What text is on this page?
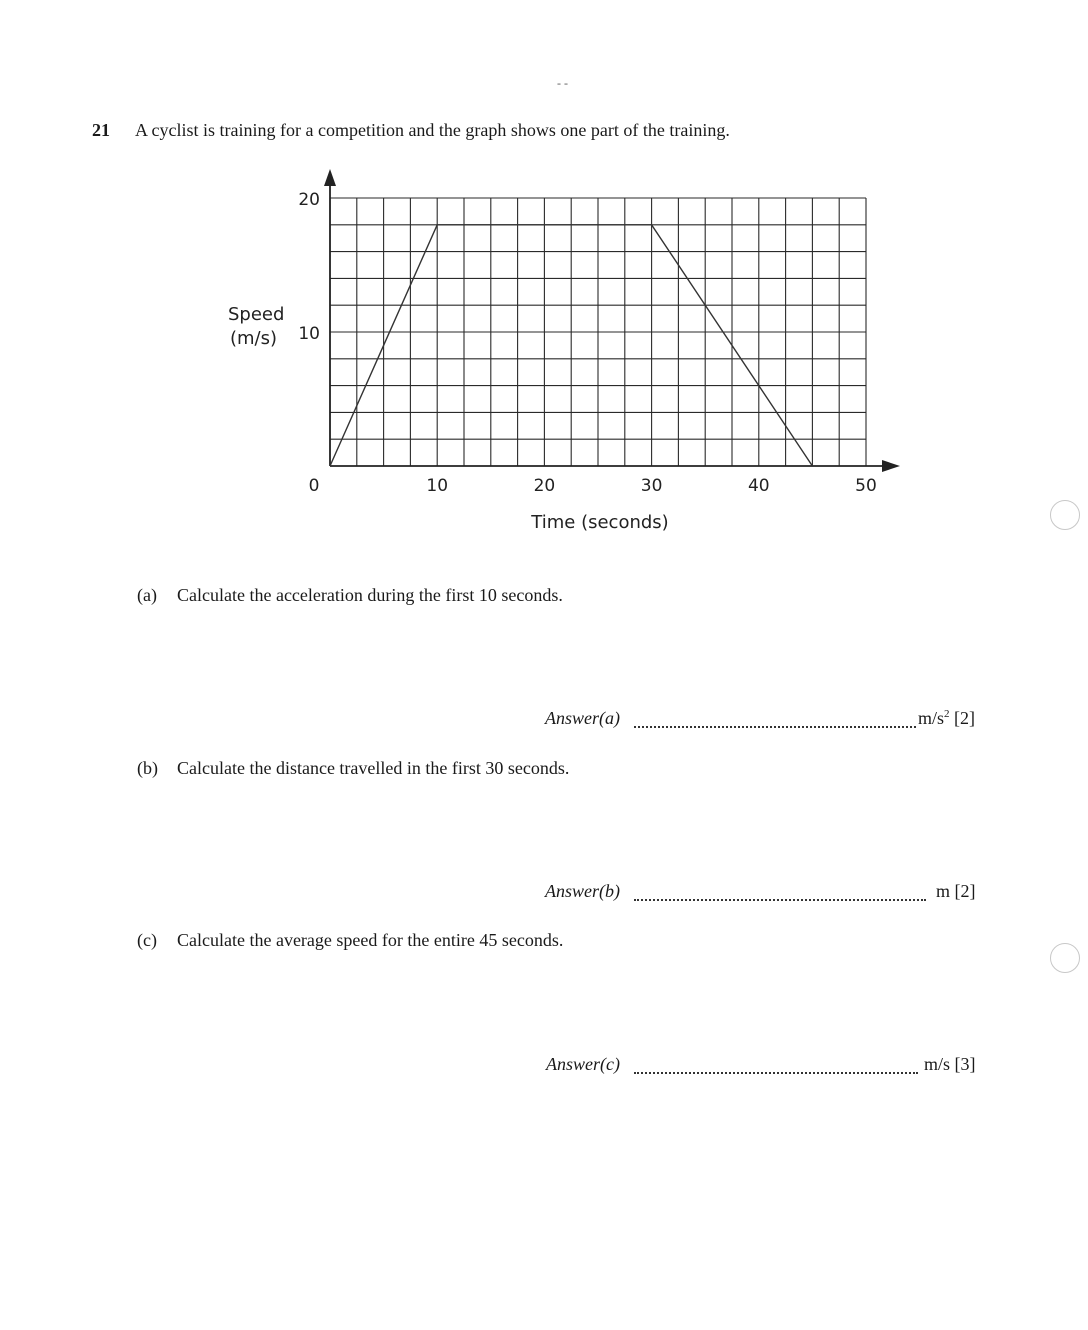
- -
21 A cyclist is training for a competition and the graph shows one part of the training.
0	10	20	30	40	50
10
20
Speed
(m/s)
Time (seconds)
(a) Calculate the acceleration during the first 10 seconds.
Answer(a)	$m/s^2$ [2]
(b) Calculate the distance travelled in the first 30 seconds.
Answer(b)	m [2]
(c) Calculate the average speed for the entire 45 seconds.
Answer(c)	m/s [3]
